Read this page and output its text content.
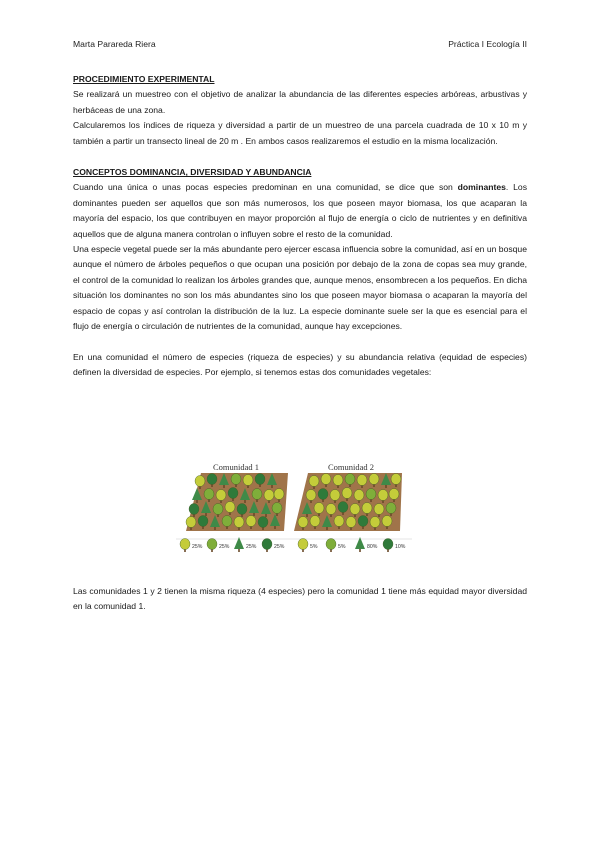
Marta Parareda Riera	Práctica I Ecología II

PROCEDIMIENTO EXPERIMENTAL

Se realizará un muestreo con el objetivo de analizar la abundancia de las diferentes especies arbóreas, arbustivas y herbáceas de una zona.

Calcularemos los índices de riqueza y diversidad a partir de un muestreo de una parcela cuadrada de 10 x 10 m y también a partir un transecto lineal de 20 m . En ambos casos realizaremos el estudio en la misma localización.

CONCEPTOS DOMINANCIA, DIVERSIDAD Y ABUNDANCIA

Cuando una única o unas pocas especies predominan en una comunidad, se dice que son dominantes. Los dominantes pueden ser aquellos que son más numerosos, los que poseen mayor biomasa, los que acaparan la mayoría del espacio, los que contribuyen en mayor proporción al flujo de energía o ciclo de nutrientes y en definitiva aquellos que de alguna manera controlan o influyen sobre el resto de la comunidad.

Una especie vegetal puede ser la más abundante pero ejercer escasa influencia sobre la comunidad, así en un bosque aunque el número de árboles pequeños o que ocupan una posición por debajo de la zona de copas sea muy grande, el control de la comunidad lo realizan los árboles grandes que, aunque menos, ensombrecen a los pequeños. En dicha situación los dominantes no son los más abundantes sino los que poseen mayor biomasa o acaparan la mayoría del espacio de copas y así controlan la distribución de la luz. La especie dominante suele ser la que es esencial para el flujo de energía o circulación de nutrientes de la comunidad, aunque hay excepciones.

En una comunidad el número de especies (riqueza de especies) y su abundancia relativa (equidad de especies) definen la diversidad de especies. Por ejemplo, si tenemos estas dos comunidades vegetales:

Comunidad 1	Comunidad 2
25%	25%	25%	25%	5%	5%	80%	10%

Las comunidades 1 y 2 tienen la misma riqueza (4 especies) pero la comunidad 1 tiene más equidad mayor diversidad en la comunidad 1.
